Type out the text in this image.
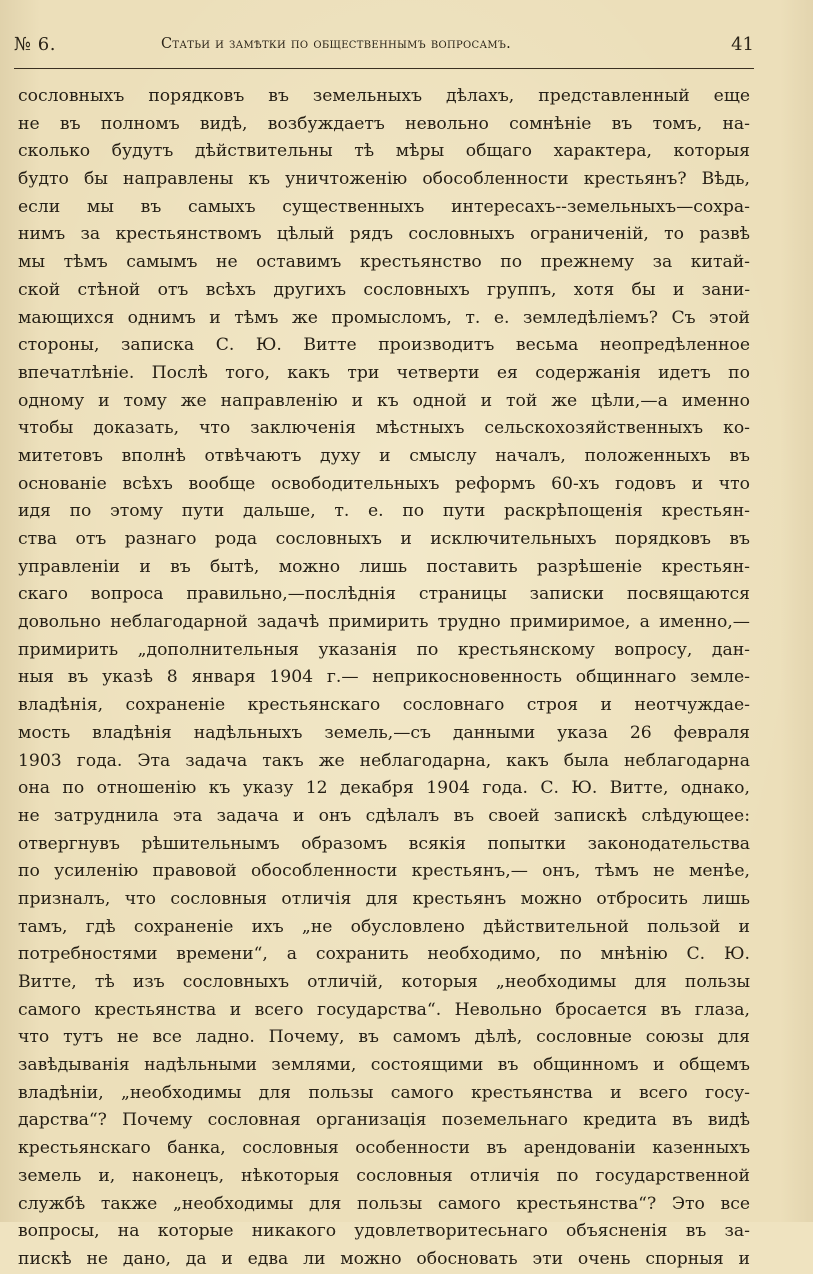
№ 6.	Статьи и замѣтки по общественнымъ вопросамъ.	41
сословныхъ порядковъ въ земельныхъ дѣлахъ, представленный еще
не въ полномъ видѣ, возбуждаетъ невольно сомнѣніе въ томъ, на-
сколько будутъ дѣйствительны тѣ мѣры общаго характера, которыя
будто бы направлены къ уничтоженію обособленности крестьянъ? Вѣдь,
если мы въ самыхъ существенныхъ интересахъ--земельныхъ—сохра-
нимъ за крестьянствомъ цѣлый рядъ сословныхъ ограниченій, то развѣ
мы тѣмъ самымъ не оставимъ крестьянство по прежнему за китай-
ской стѣной отъ всѣхъ другихъ сословныхъ группъ, хотя бы и зани-
мающихся однимъ и тѣмъ же промысломъ, т. е. земледѣліемъ? Съ этой
стороны, записка С. Ю. Витте производитъ весьма неопредѣленное
впечатлѣніе. Послѣ того, какъ три четверти ея содержанія идетъ по
одному и тому же направленію и къ одной и той же цѣли,—а именно
чтобы доказать, что заключенія мѣстныхъ сельскохозяйственныхъ ко-
митетовъ вполнѣ отвѣчаютъ духу и смыслу началъ, положенныхъ въ
основаніе всѣхъ вообще освободительныхъ реформъ 60-хъ годовъ и что
идя по этому пути дальше, т. е. по пути раскрѣпощенія крестьян-
ства отъ разнаго рода сословныхъ и исключительныхъ порядковъ въ
управленіи и въ бытѣ, можно лишь поставить разрѣшеніе крестьян-
скаго вопроса правильно,—послѣднія страницы записки посвящаются
довольно неблагодарной задачѣ примирить трудно примиримое, а именно,—
примирить „дополнительныя указанія по крестьянскому вопросу, дан-
ныя въ указѣ 8 января 1904 г.— неприкосновенность общиннаго земле-
владѣнія, сохраненіе крестьянскаго сословнаго строя и неотчуждае-
мость владѣнія надѣльныхъ земель,—съ данными указа 26 февраля
1903 года. Эта задача такъ же неблагодарна, какъ была неблагодарна
она по отношенію къ указу 12 декабря 1904 года. С. Ю. Витте, однако,
не затруднила эта задача и онъ сдѣлалъ въ своей запискѣ слѣдующее:
отвергнувъ рѣшительнымъ образомъ всякія попытки законодательства
по усиленію правовой обособленности крестьянъ,— онъ, тѣмъ не менѣе,
призналъ, что сословныя отличія для крестьянъ можно отбросить лишь
тамъ, гдѣ сохраненіе ихъ „не обусловлено дѣйствительной пользой и
потребностями времени“, а сохранить необходимо, по мнѣнію С. Ю.
Витте, тѣ изъ сословныхъ отличій, которыя „необходимы для пользы
самого крестьянства и всего государства“. Невольно бросается въ глаза,
что тутъ не все ладно. Почему, въ самомъ дѣлѣ, сословные союзы для
завѣдыванія надѣльными землями, состоящими въ общинномъ и общемъ
владѣніи, „необходимы для пользы самого крестьянства и всего госу-
дарства“? Почему сословная организація поземельнаго кредита въ видѣ
крестьянскаго банка, сословныя особенности въ арендованіи казенныхъ
земель и, наконецъ, нѣкоторыя сословныя отличія по государственной
службѣ также „необходимы для пользы самого крестьянства“? Это все
вопросы, на которые никакого удовлетворитесьнаго объясненія въ за-
пискѣ не дано, да и едва ли можно обосновать эти очень спорныя и
